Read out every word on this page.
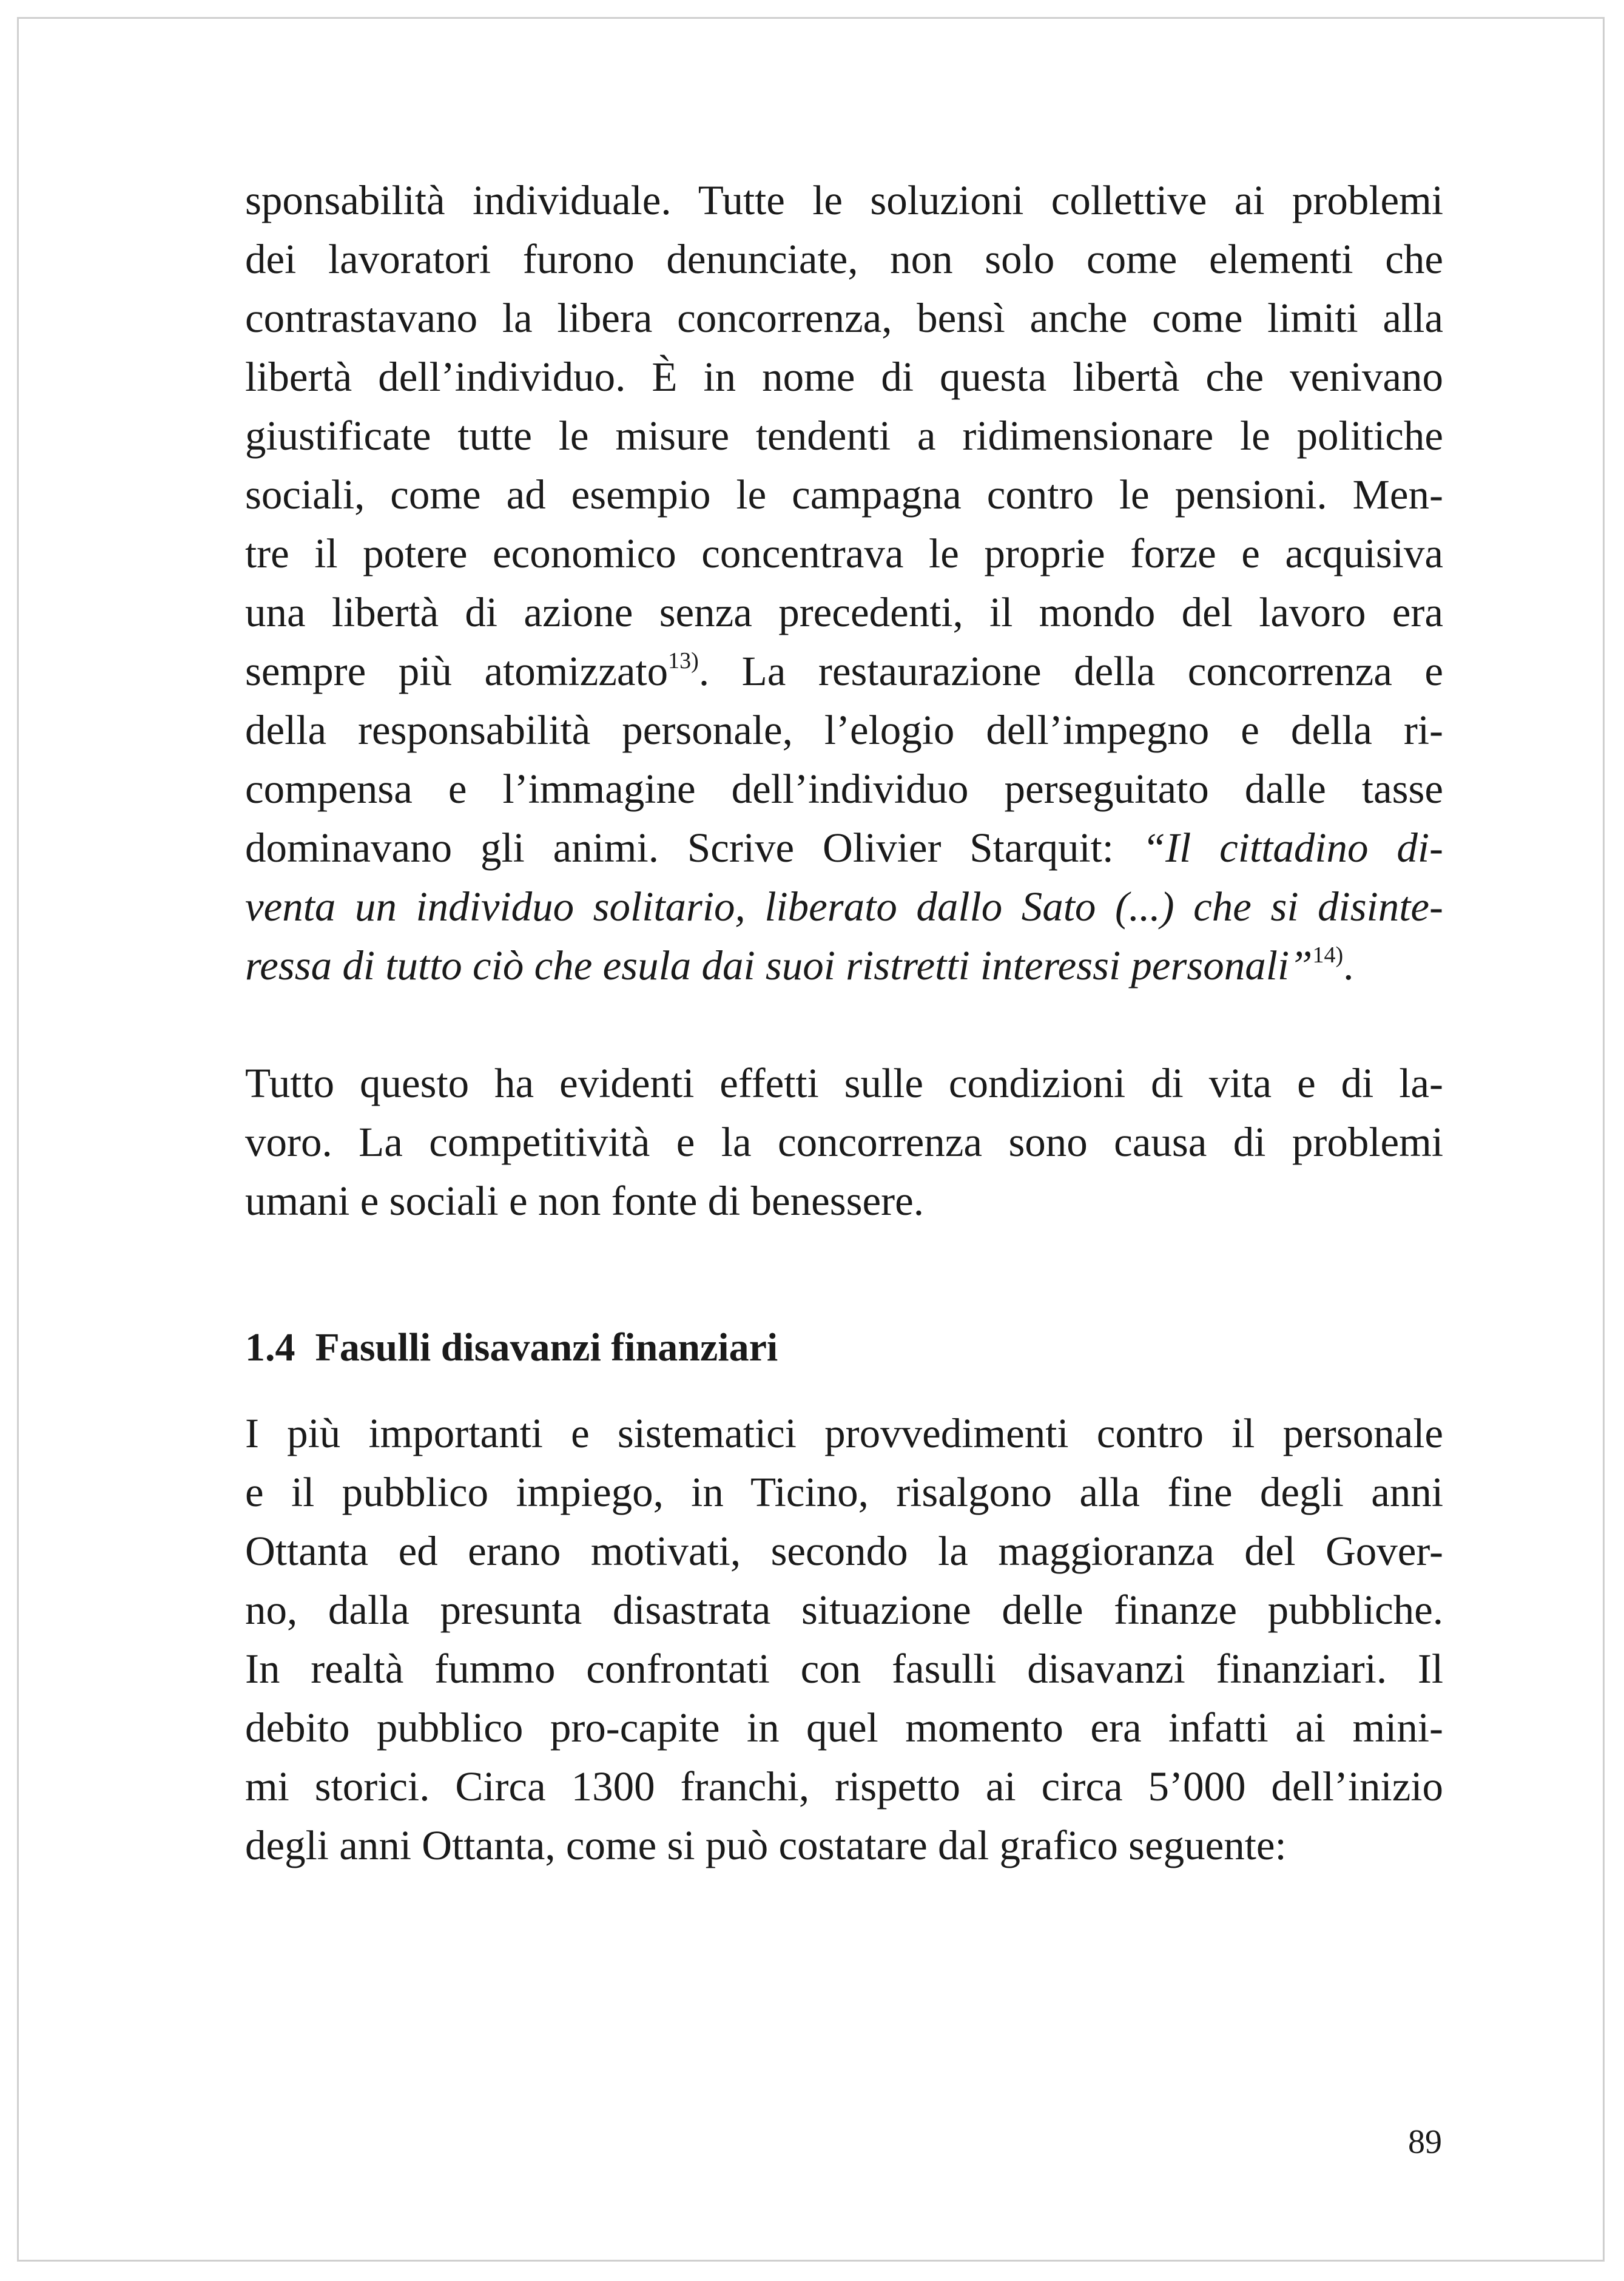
sponsabilità individuale. Tutte le soluzioni collettive ai problemi
dei lavoratori furono denunciate, non solo come elementi che
contrastavano la libera concorrenza, bensì anche come limiti alla
libertà dell’individuo. È in nome di questa libertà che venivano
giustificate tutte le misure tendenti a ridimensionare le politiche
sociali, come ad esempio le campagna contro le pensioni. Men-
tre il potere economico concentrava le proprie forze e acquisiva
una libertà di azione senza precedenti, il mondo del lavoro era
sempre più atomizzato$^{13)}$. La restaurazione della concorrenza e
della responsabilità personale, l’elogio dell’impegno e della ri-
compensa e l’immagine dell’individuo perseguitato dalle tasse
dominavano gli animi. Scrive Olivier Starquit: “Il cittadino di-
venta un individuo solitario, liberato dallo Sato (...) che si disinte-
ressa di tutto ciò che esula dai suoi ristretti interessi personali”$^{14)}$.

Tutto questo ha evidenti effetti sulle condizioni di vita e di la-
voro. La competitività e la concorrenza sono causa di problemi
umani e sociali e non fonte di benessere.

1.4 Fasulli disavanzi finanziari

I più importanti e sistematici provvedimenti contro il personale
e il pubblico impiego, in Ticino, risalgono alla fine degli anni
Ottanta ed erano motivati, secondo la maggioranza del Gover-
no, dalla presunta disastrata situazione delle finanze pubbliche.
In realtà fummo confrontati con fasulli disavanzi finanziari. Il
debito pubblico pro-capite in quel momento era infatti ai mini-
mi storici. Circa 1300 franchi, rispetto ai circa 5’000 dell’inizio
degli anni Ottanta, come si può costatare dal grafico seguente:

89
